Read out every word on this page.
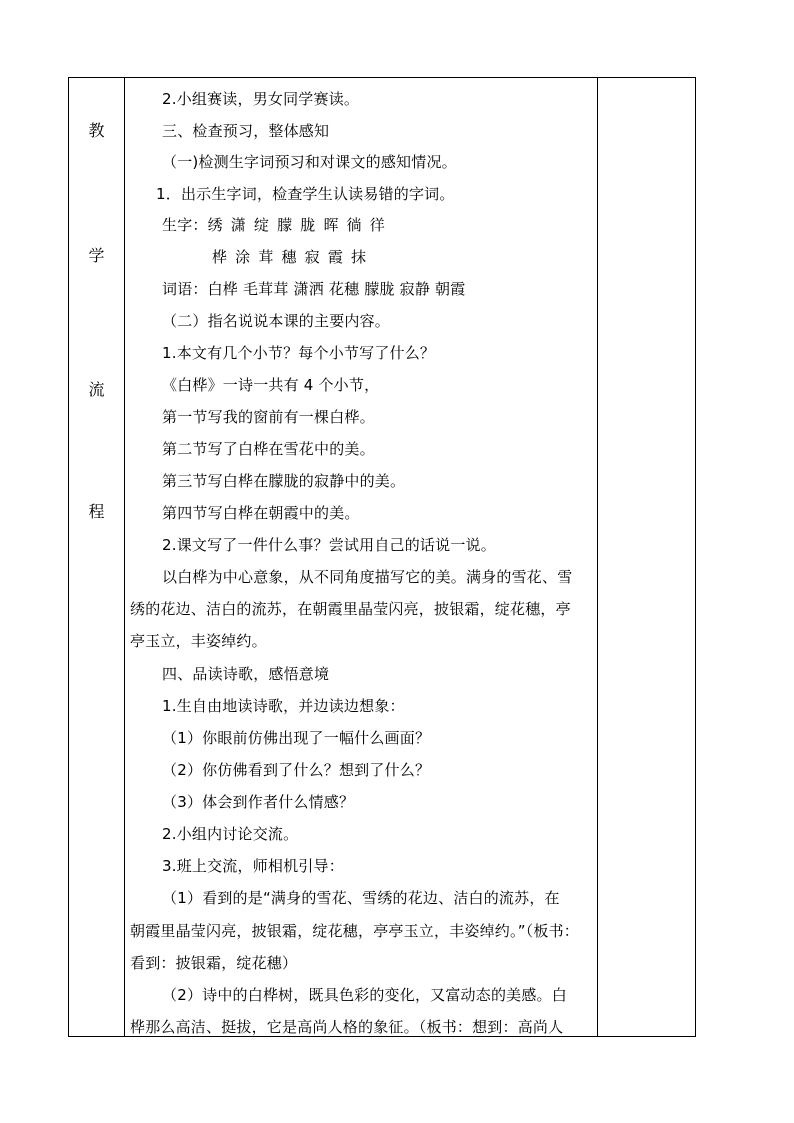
教
学
流
程
2.小组赛读，男女同学赛读。
三、检查预习，整体感知
（一)检测生字词预习和对课文的感知情况。
1．出示生字词，检查学生认读易错的字词。
生字：绣 潇 绽 朦 胧 晖 徜 徉
桦 涂 茸 穗 寂 霞 抹
词语：白桦 毛茸茸 潇洒 花穗 朦胧 寂静 朝霞
（二）指名说说本课的主要内容。
1.本文有几个小节？每个小节写了什么？
《白桦》一诗一共有 4 个小节，
第一节写我的窗前有一棵白桦。
第二节写了白桦在雪花中的美。
第三节写白桦在朦胧的寂静中的美。
第四节写白桦在朝霞中的美。
2.课文写了一件什么事？尝试用自己的话说一说。
以白桦为中心意象，从不同角度描写它的美。满身的雪花、雪
绣的花边、洁白的流苏，在朝霞里晶莹闪亮，披银霜，绽花穗，亭
亭玉立，丰姿绰约。
四、品读诗歌，感悟意境
1.生自由地读诗歌，并边读边想象：
（1）你眼前仿佛出现了一幅什么画面？
（2）你仿佛看到了什么？想到了什么？
（3）体会到作者什么情感？
2.小组内讨论交流。
3.班上交流，师相机引导：
（1）看到的是“满身的雪花、雪绣的花边、洁白的流苏，在
朝霞里晶莹闪亮，披银霜，绽花穗，亭亭玉立，丰姿绰约。”（板书：
看到：披银霜，绽花穗）
（2）诗中的白桦树，既具色彩的变化，又富动态的美感。白
桦那么高洁、挺拔，它是高尚人格的象征。（板书：想到：高尚人
